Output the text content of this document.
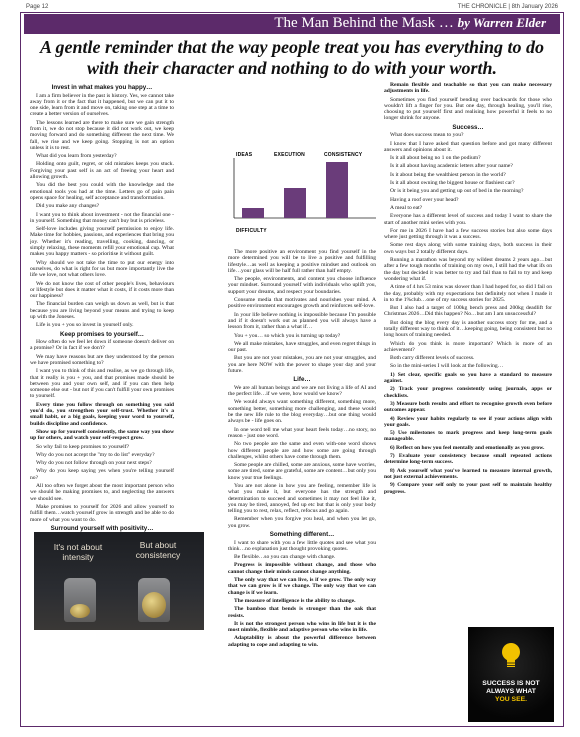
Page 12	THE CHRONICLE | 8th January 2026
The Man Behind the Mask … by Warren Elder
A gentle reminder that the way people treat you has everything to do with their character and nothing to do with your worth.
Invest in what makes you happy…

I am a firm believer in the past is history. Yes, we cannot take away from it or the fact that it happened, but we can put it to one side, learn from it and move on, taking one step at a time to create a better version of ourselves.

The lessons learned are there to make sure we gain strength from it, we do not stop because it did not work out, we keep moving forward and do something different the next time. We fall, we rise and we keep going. Stopping is not an option unless it is to rest.

What did you learn from yesterday?

Holding onto guilt, regret, or old mistakes keeps you stuck. Forgiving your past self is an act of freeing your heart and allowing growth.

You did the best you could with the knowledge and the emotional tools you had at the time. Letters go of pain pain opens space for healing, self acceptance and transformation.

Did you make any changes?

I want you to think about investment - not the financial one - in yourself. Something that money can't buy but is priceless.

Self-love includes giving yourself permission to enjoy life. Make time for hobbies, passions, and experiences that bring you joy. Whether it's reading, travelling, cooking, dancing, or simply relaxing, these moments refill your emotional cup. What makes you happy matters - so prioritise it without guilt.

Why should we not take the time to put our energy into ourselves, do what is right for us but more importantly live the life we love, not what others love.

We do not know the cost of other people's lives, behaviours or lifestyle but does it matter what it costs, if it costs more than our happiness?

The financial burden can weigh us down as well, but is that because you are living beyond your means and trying to keep up with the Joneses.

Life is you + you so invest in yourself only.

Keep promises to yourself…

How often do we feel let down if someone doesn't deliver on a promise? Or in fact if we don't?

We may have reasons but are they understood by the person we have promised something to?

I want you to think of this and realise, as we go through life, that it really is you + you, and that promises made should be between you and your own self, and if you can then help someone else out - but not if you can't fulfill your own promises to yourself.

Every time you follow through on something you said you'd do, you strengthen your self-trust. Whether it's a small habit, or a big goals, keeping your word to yourself, builds discipline and confidence.

Show up for yourself consistently, the same way you show up for others, and watch your self-respect grow.

So why fail to keep promises to yourself?

Why do you not accept the "my to do list" everyday?

Why do you not follow through on your next steps?

Why do you keep saying yes when you're telling yourself no?

All too often we forget about the most important person who we should be making promises to, and neglecting the answers we should see.

Make promises to yourself for 2026 and allow yourself to fulfill them…watch yourself grow in strength and be able to do more of what you want to do.

Surround yourself with positivity…
It's not about intensity
But about consistency
IDEAS	EXECUTION	CONSISTENCY
DIFFICULTY

The more positive an environment you find yourself in the more determined you will be to live a positive and fulfilling lifestyle…as well as keeping a positive mindset and outlook on life…your glass will be half full rather than half empty.

The people, environments, and content you choose influence your mindset. Surround yourself with individuals who uplift you, support your dreams, and respect your boundaries.

Consume media that motivates and nourishes your mind. A positive environment encourages growth and reinforces self-love.

In your life believe nothing is impossible because I'm possible and if it doesn't work out as planned you will always have a lesson from it, rather than a what if…

You + you… so which you is turning up today?

We all make mistakes, have struggles, and even regret things in our past.

But you are not your mistakes, you are not your struggles, and you are here NOW with the power to shape your day and your future.

Life…

We are all human beings and we are not living a life of AI and the perfect life…if we were, how would we know?

We would always want something different, something more, something better, something more challenging, and these would be the new life rule to the blog everyday…but one thing would always be - life goes on.

In one word tell me what your heart feels today…no story, no reason - just one word.

No two people are the same and even with-one word shows how different people are and how some are going through challenges, whilst others have come through them.

Some people are chilled, some are anxious, some have worries, some are tired, some are grateful, some are content…but only you know your true feelings.

You are not alone in how you are feeling, remember life is what you make it, but everyone has the strength and determination to succeed and sometimes it may not feel like it, you may be tired, annoyed, fed up etc but that is only your body telling you to rest, relax, reflect, refocus and go again.

Remember when you forgive you heal, and when you let go, you grow.

Something different…

I want to share with you a few little quotes and see what you think…no explanation just thought provoking quotes.

Be flexible…so you can change with change.

Progress is impossible without change, and those who cannot change their minds cannot change anything.

The only way that we can live, is if we grow. The only way that we can grow is if we change. The only way that we can change is if we learn.

The measure of intelligence is the ability to change.

The bamboo that bends is stronger than the oak that resists.

It is not the strongest person who wins in life but it is the most nimble, flexible and adaptive person who wins in life.

Adaptability is about the powerful difference between adapting to cope and adapting to win.

Remain flexible and teachable so that you can make necessary adjustments in life.

Sometimes you find yourself bending over backwards for those who wouldn't lift a finger for you. But one day, through healing, you'll rise, choosing to put yourself first and realising how powerful it feels to no longer shrink for anyone.

Success…

What does success mean to you?

I know that I have asked that question before and got many different answers and opinions about it.

Is it all about being no 1 on the podium?

Is it all about having academic letters after your name?

Is it about being the wealthiest person in the world?

Is it all about owning the biggest house or flashiest car?

Or is it being you and getting up out of bed in the morning?

Having a roof over your head?

A meal to eat?

Everyone has a different level of success and today I want to share the start of another mini series with you.

For me in 2026 I have had a few success stories but also some days where just getting through it was a success.

Some rest days along with some training days, both success in their own ways but 2 totally different days.

Running a marathon was beyond my wildest dreams 2 years ago…but after a few tough months of training on my own, I still had the what ifs on the day but decided it was better to try and fail than to fail to try and keep wondering what if.

A time of 4 hrs 53 mins was slower than I had hoped for, so did I fail on the day, probably with my expectations but definitely not when I made it in to the 1%club…one of my success stories for 2025.

But I also had a target of 100kg bench press and 200kg deadlift for Christmas 2026…Did this happen? No…but am I am unsuccessful?

But doing the blog every day is another success story for me, and a totally different way to think of it…keeping going, being consistent but no long hours of training needed.

Which do you think is more important? Which is more of an achievement?

Both carry different levels of success.

So in the mini-series I will look at the following…

1) Set clear, specific goals so you have a standard to measure against.

2) Track your progress consistently using journals, apps or checklists.

3) Measure both results and effort to recognise growth even before outcomes appear.

4) Review your habits regularly to see if your actions align with your goals.

5) Use milestones to mark progress and keep long-term goals manageable.

6) Reflect on how you feel mentally and emotionally as you grow.

7) Evaluate your consistency because small repeated actions determine long-term success.

8) Ask yourself what you've learned to measure internal growth, not just external achievements.

9) Compare your self only to your past self to maintain healthy progress.

SUCCESS IS NOT
ALWAYS WHAT
YOU SEE.
